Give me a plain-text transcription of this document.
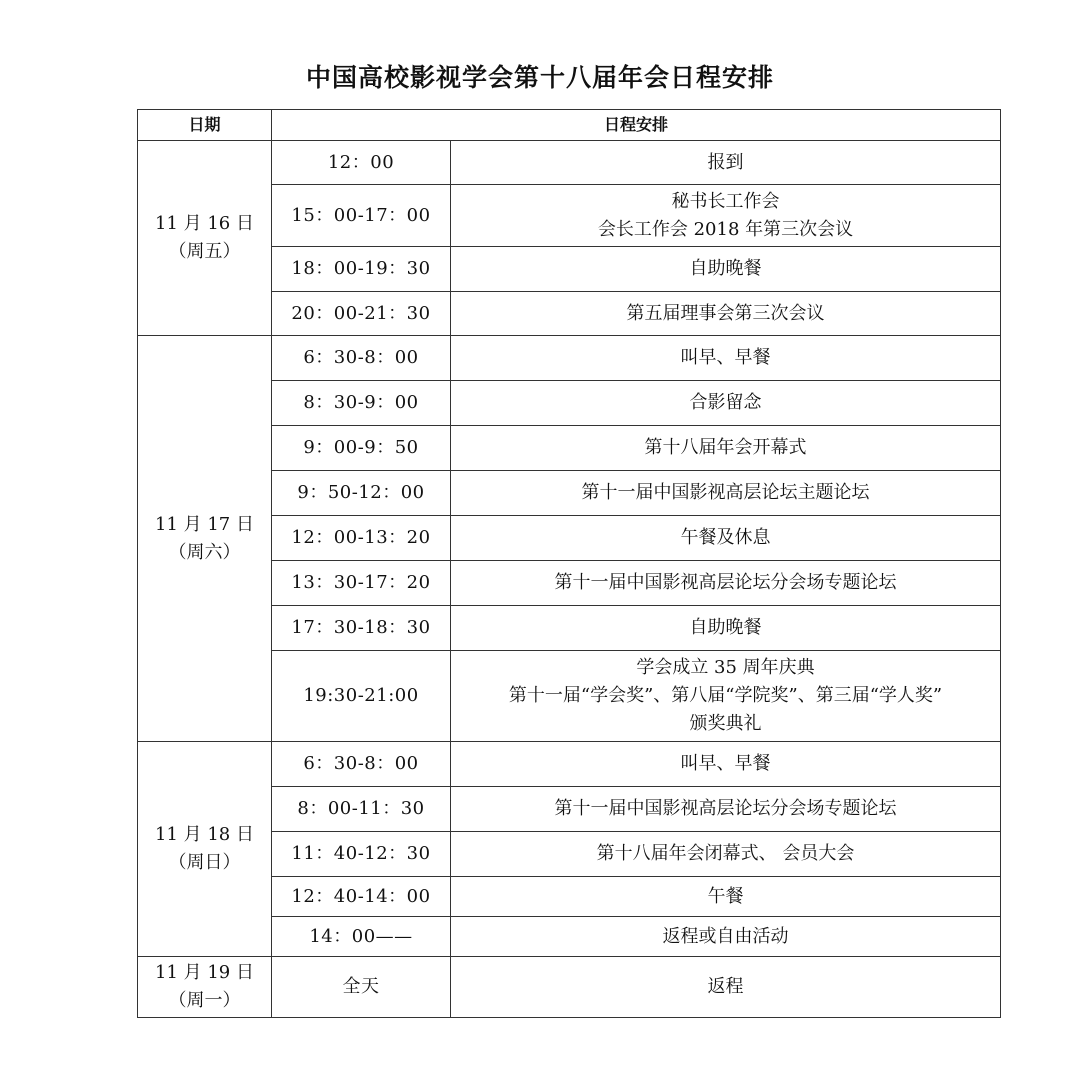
中国高校影视学会第十八届年会日程安排
日期	日程安排	

11 月 16 日
（周五）	12：00	报到

	15：00-17：00	秘书长工作会
会长工作会 2018 年第三次会议

	18：00-19：30	自助晚餐

	20：00-21：30	第五届理事会第三次会议

11 月 17 日
（周六）	6：30-8：00	叫早、早餐

	8：30-9：00	合影留念

	9：00-9：50	第十八届年会开幕式

	9：50-12：00	第十一届中国影视高层论坛主题论坛

	12：00-13：20	午餐及休息

	13：30-17：20	第十一届中国影视高层论坛分会场专题论坛

	17：30-18：30	自助晚餐

	19:30-21:00	学会成立 35 周年庆典
第十一届“学会奖”、第八届“学院奖”、第三届“学人奖”
颁奖典礼

11 月 18 日
（周日）	6：30-8：00	叫早、早餐

	8：00-11：30	第十一届中国影视高层论坛分会场专题论坛

	11：40-12：30	第十八届年会闭幕式、 会员大会

	12：40-14：00	午餐

	14：00——	返程或自由活动

11 月 19 日
（周一）	全天	返程
